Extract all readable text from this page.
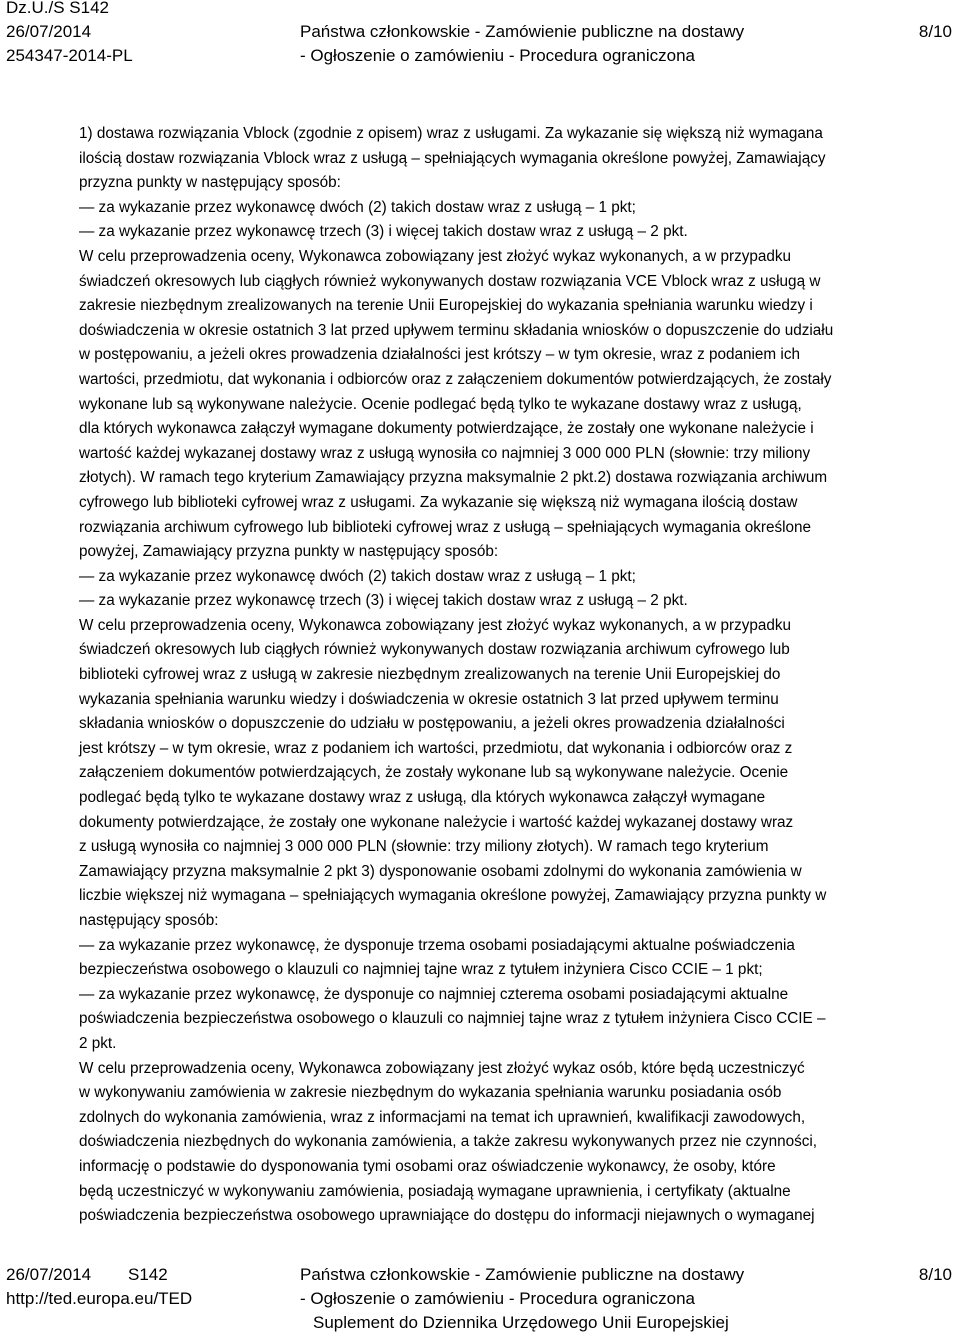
Dz.U./S S142
26/07/2014
254347-2014-PL
Państwa członkowskie - Zamówienie publiczne na dostawy
- Ogłoszenie o zamówieniu - Procedura ograniczona
8/10
1) dostawa rozwiązania Vblock (zgodnie z opisem) wraz z usługami. Za wykazanie się większą niż wymagana
ilością dostaw rozwiązania Vblock wraz z usługą – spełniających wymagania określone powyżej, Zamawiający
przyzna punkty w następujący sposób:
— za wykazanie przez wykonawcę dwóch (2) takich dostaw wraz z usługą – 1 pkt;
— za wykazanie przez wykonawcę trzech (3) i więcej takich dostaw wraz z usługą – 2 pkt.
W celu przeprowadzenia oceny, Wykonawca zobowiązany jest złożyć wykaz wykonanych, a w przypadku
świadczeń okresowych lub ciągłych również wykonywanych dostaw rozwiązania VCE Vblock wraz z usługą w
zakresie niezbędnym zrealizowanych na terenie Unii Europejskiej do wykazania spełniania warunku wiedzy i
doświadczenia w okresie ostatnich 3 lat przed upływem terminu składania wniosków o dopuszczenie do udziału
w postępowaniu, a jeżeli okres prowadzenia działalności jest krótszy – w tym okresie, wraz z podaniem ich
wartości, przedmiotu, dat wykonania i odbiorców oraz z załączeniem dokumentów potwierdzających, że zostały
wykonane lub są wykonywane należycie. Ocenie podlegać będą tylko te wykazane dostawy wraz z usługą,
dla których wykonawca załączył wymagane dokumenty potwierdzające, że zostały one wykonane należycie i
wartość każdej wykazanej dostawy wraz z usługą wynosiła co najmniej 3 000 000 PLN (słownie: trzy miliony
złotych). W ramach tego kryterium Zamawiający przyzna maksymalnie 2 pkt.2) dostawa rozwiązania archiwum
cyfrowego lub biblioteki cyfrowej wraz z usługami. Za wykazanie się większą niż wymagana ilością dostaw
rozwiązania archiwum cyfrowego lub biblioteki cyfrowej wraz z usługą – spełniających wymagania określone
powyżej, Zamawiający przyzna punkty w następujący sposób:
— za wykazanie przez wykonawcę dwóch (2) takich dostaw wraz z usługą – 1 pkt;
— za wykazanie przez wykonawcę trzech (3) i więcej takich dostaw wraz z usługą – 2 pkt.
W celu przeprowadzenia oceny, Wykonawca zobowiązany jest złożyć wykaz wykonanych, a w przypadku
świadczeń okresowych lub ciągłych również wykonywanych dostaw rozwiązania archiwum cyfrowego lub
biblioteki cyfrowej wraz z usługą w zakresie niezbędnym zrealizowanych na terenie Unii Europejskiej do
wykazania spełniania warunku wiedzy i doświadczenia w okresie ostatnich 3 lat przed upływem terminu
składania wniosków o dopuszczenie do udziału w postępowaniu, a jeżeli okres prowadzenia działalności
jest krótszy – w tym okresie, wraz z podaniem ich wartości, przedmiotu, dat wykonania i odbiorców oraz z
załączeniem dokumentów potwierdzających, że zostały wykonane lub są wykonywane należycie. Ocenie
podlegać będą tylko te wykazane dostawy wraz z usługą, dla których wykonawca załączył wymagane
dokumenty potwierdzające, że zostały one wykonane należycie i wartość każdej wykazanej dostawy wraz
z usługą wynosiła co najmniej 3 000 000 PLN (słownie: trzy miliony złotych). W ramach tego kryterium
Zamawiający przyzna maksymalnie 2 pkt 3) dysponowanie osobami zdolnymi do wykonania zamówienia w
liczbie większej niż wymagana – spełniających wymagania określone powyżej, Zamawiający przyzna punkty w
następujący sposób:
— za wykazanie przez wykonawcę, że dysponuje trzema osobami posiadającymi aktualne poświadczenia
bezpieczeństwa osobowego o klauzuli co najmniej tajne wraz z tytułem inżyniera Cisco CCIE – 1 pkt;
— za wykazanie przez wykonawcę, że dysponuje co najmniej czterema osobami posiadającymi aktualne
poświadczenia bezpieczeństwa osobowego o klauzuli co najmniej tajne wraz z tytułem inżyniera Cisco CCIE –
2 pkt.
W celu przeprowadzenia oceny, Wykonawca zobowiązany jest złożyć wykaz osób, które będą uczestniczyć
w wykonywaniu zamówienia w zakresie niezbędnym do wykazania spełniania warunku posiadania osób
zdolnych do wykonania zamówienia, wraz z informacjami na temat ich uprawnień, kwalifikacji zawodowych,
doświadczenia niezbędnych do wykonania zamówienia, a także zakresu wykonywanych przez nie czynności,
informację o podstawie do dysponowania tymi osobami oraz oświadczenie wykonawcy, że osoby, które
będą uczestniczyć w wykonywaniu zamówienia, posiadają wymagane uprawnienia, i certyfikaty (aktualne
poświadczenia bezpieczeństwa osobowego uprawniające do dostępu do informacji niejawnych o wymaganej
26/07/2014 S142
http://ted.europa.eu/TED
Państwa członkowskie - Zamówienie publiczne na dostawy
- Ogłoszenie o zamówieniu - Procedura ograniczona
Suplement do Dziennika Urzędowego Unii Europejskiej
8/10
